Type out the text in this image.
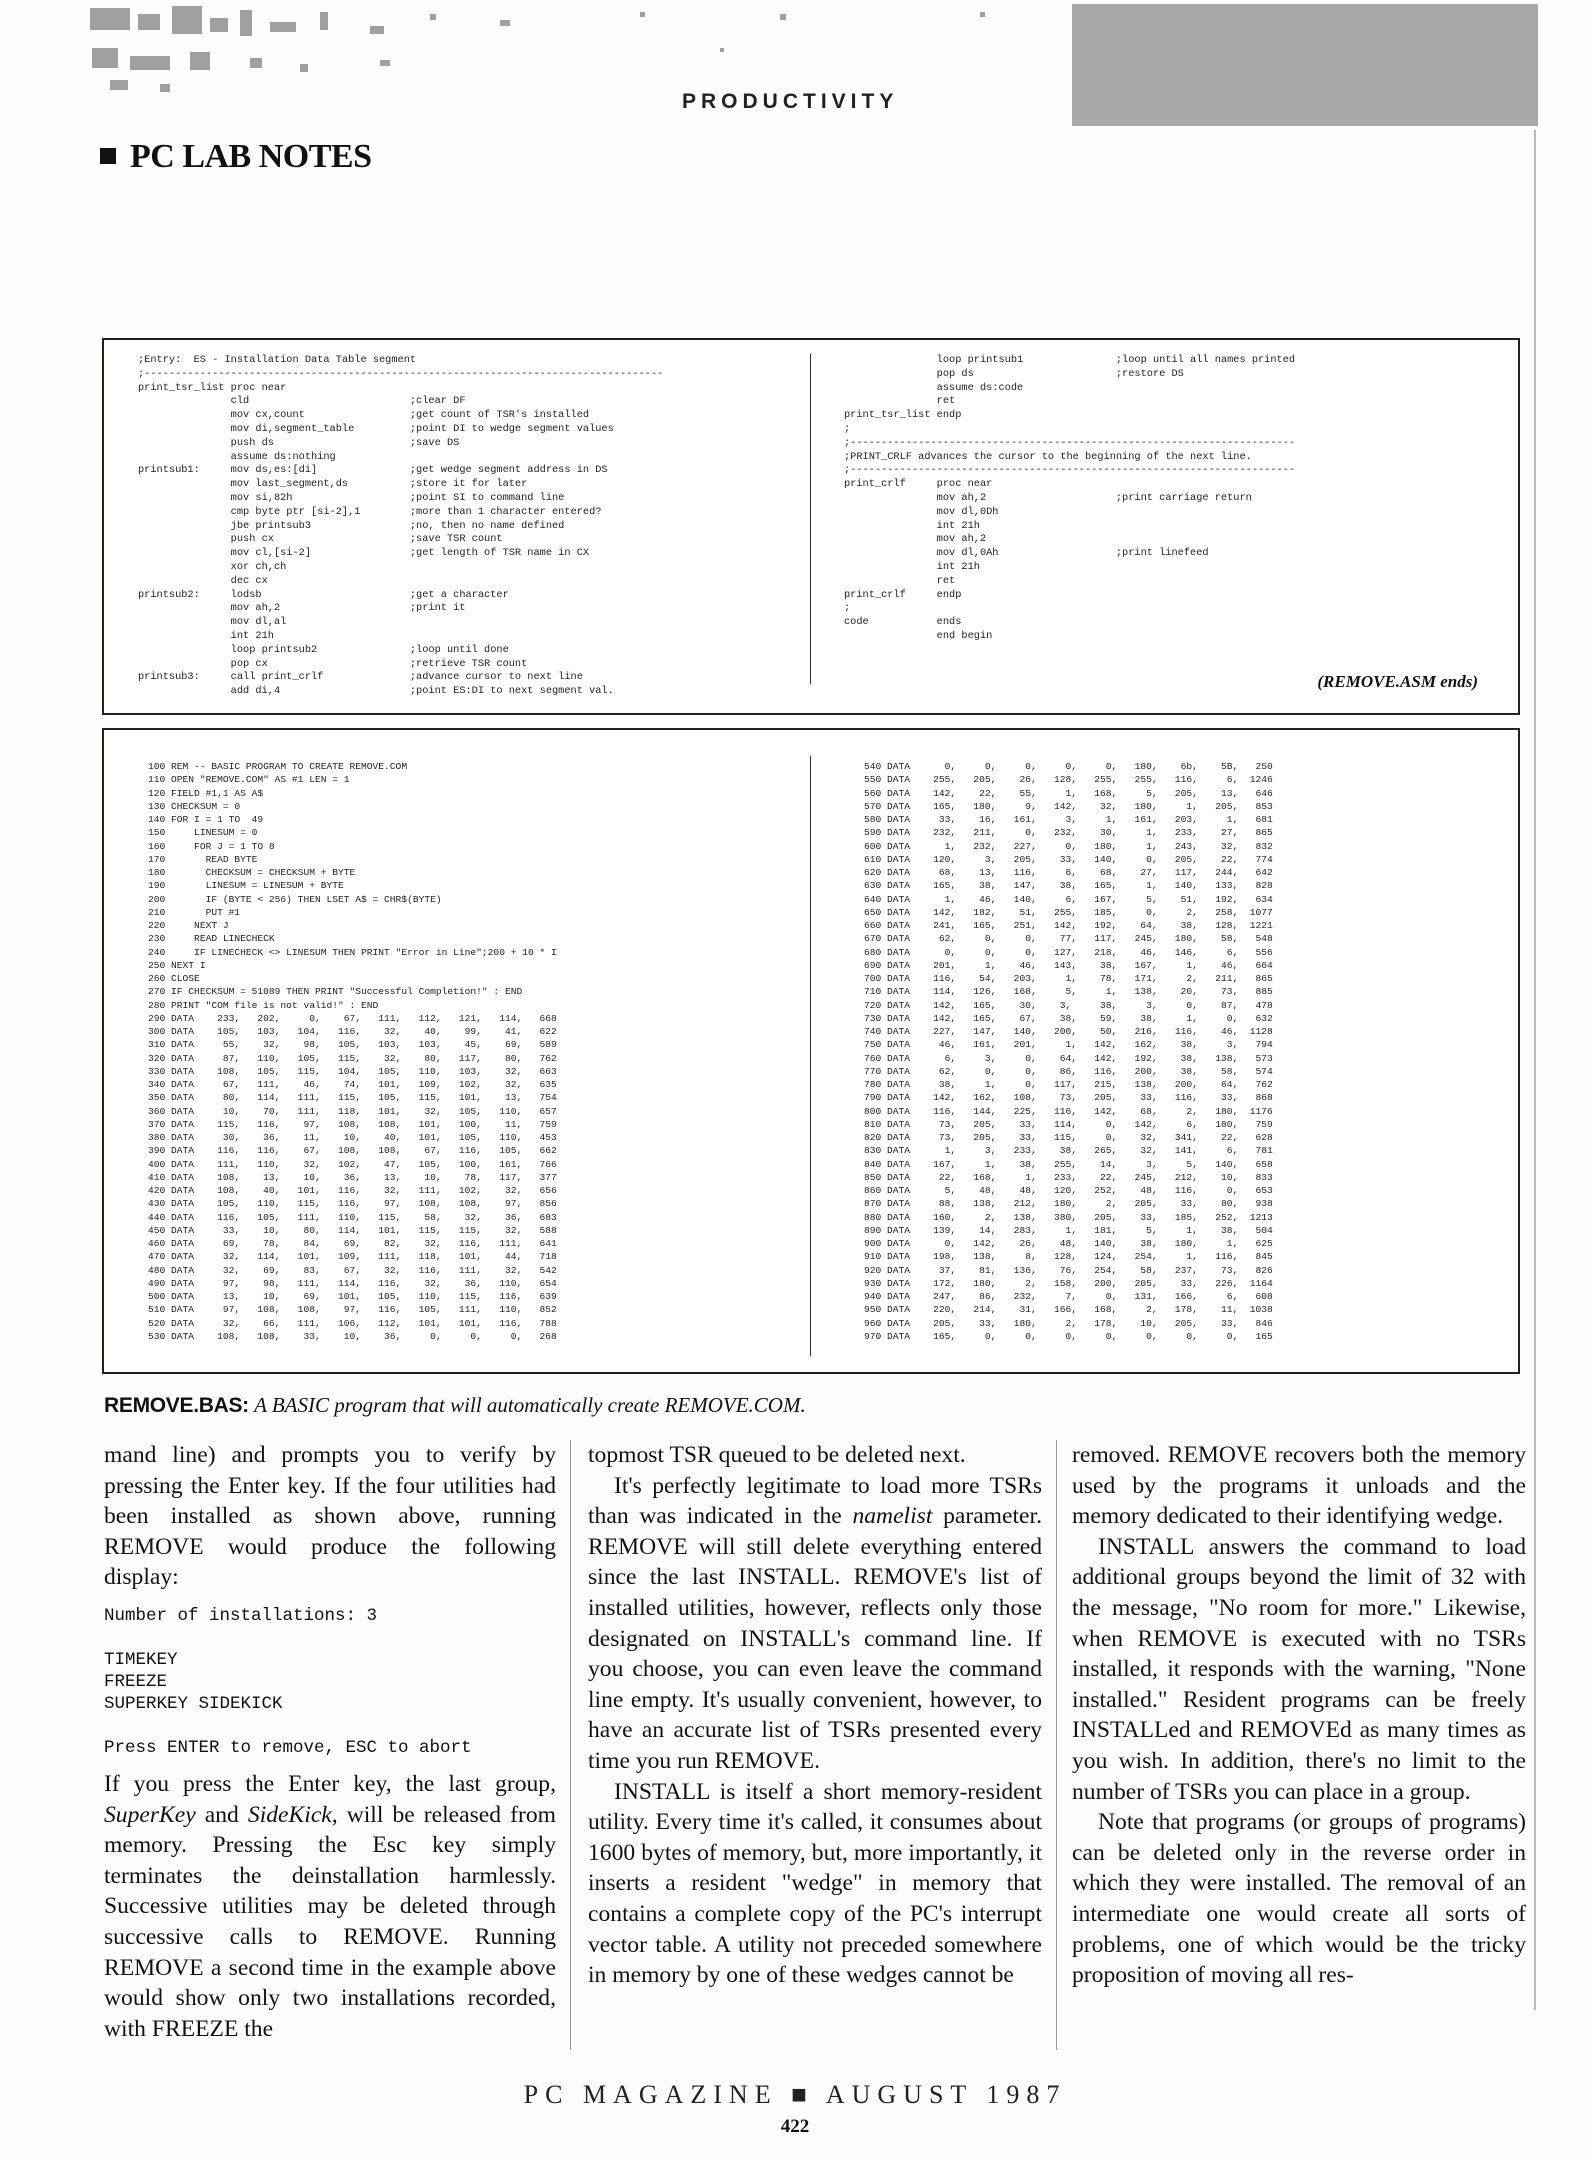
PRODUCTIVITY
PC LAB NOTES
;Entry:  ES - Installation Data Table segment
;------------------------------------------------------------------------------------
print_tsr_list proc near
cld                          ;clear DF
mov cx,count                 ;get count of TSR's installed
mov di,segment_table         ;point DI to wedge segment values
push ds                      ;save DS
assume ds:nothing
printsub1:     mov ds,es:[di]               ;get wedge segment address in DS
mov last_segment,ds          ;store it for later
mov si,82h                   ;point SI to command line
cmp byte ptr [si-2],1        ;more than 1 character entered?
jbe printsub3                ;no, then no name defined
push cx                      ;save TSR count
mov cl,[si-2]                ;get length of TSR name in CX
xor ch,ch
dec cx
printsub2:     lodsb                        ;get a character
mov ah,2                     ;print it
mov dl,al
int 21h
loop printsub2               ;loop until done
pop cx                       ;retrieve TSR count
printsub3:     call print_crlf              ;advance cursor to next line
add di,4                     ;point ES:DI to next segment val.
loop printsub1               ;loop until all names printed
pop ds                       ;restore DS
assume ds:code
ret
print_tsr_list endp
;
;------------------------------------------------------------------------
;PRINT_CRLF advances the cursor to the beginning of the next line.
;------------------------------------------------------------------------
print_crlf     proc near
mov ah,2                     ;print carriage return
mov dl,0Dh
int 21h
mov ah,2
mov dl,0Ah                   ;print linefeed
int 21h
ret
print_crlf     endp
;
code           ends
end begin
(REMOVE.ASM ends)
100 REM -- BASIC PROGRAM TO CREATE REMOVE.COM
110 OPEN "REMOVE.COM" AS #1 LEN = 1
120 FIELD #1,1 AS A$
130 CHECKSUM = 0
140 FOR I = 1 TO  49
150     LINESUM = 0
160     FOR J = 1 TO 8
170       READ BYTE
180       CHECKSUM = CHECKSUM + BYTE
190       LINESUM = LINESUM + BYTE
200       IF (BYTE < 256) THEN LSET A$ = CHR$(BYTE)
210       PUT #1
220     NEXT J
230     READ LINECHECK
240     IF LINECHECK <> LINESUM THEN PRINT "Error in Line";200 + 10 * I
250 NEXT I
260 CLOSE
270 IF CHECKSUM = 51089 THEN PRINT "Successful Completion!" : END
280 PRINT "COM file is not valid!" : END
290 DATA    233,   202,     0,    67,   111,   112,   121,   114,   668
300 DATA    105,   103,   104,   116,    32,    40,    99,    41,   622
310 DATA     55,    32,    98,   105,   103,   103,    45,    69,   589
320 DATA     87,   110,   105,   115,    32,    80,   117,    80,   762
330 DATA    108,   105,   115,   104,   105,   110,   103,    32,   663
340 DATA     67,   111,    46,    74,   101,   109,   102,    32,   635
350 DATA     80,   114,   111,   115,   105,   115,   101,    13,   754
360 DATA     10,    70,   111,   118,   101,    32,   105,   110,   657
370 DATA    115,   116,    97,   108,   108,   101,   100,    11,   759
380 DATA     30,    36,    11,    10,    40,   101,   105,   110,   453
390 DATA    116,   116,    67,   108,   108,    67,   116,   105,   662
400 DATA    111,   110,    32,   102,    47,   105,   100,   161,   766
410 DATA    108,    13,    10,    36,    13,    10,    78,   117,   377
420 DATA    108,    40,   101,   116,    32,   111,   102,    32,   656
430 DATA    105,   110,   115,   116,    97,   108,   108,    97,   856
440 DATA    116,   105,   111,   110,   115,    58,    32,    36,   683
450 DATA     33,    10,    80,   114,   101,   115,   115,    32,   588
460 DATA     69,    78,    84,    69,    82,    32,   116,   111,   641
470 DATA     32,   114,   101,   109,   111,   118,   101,    44,   718
480 DATA     32,    69,    83,    67,    32,   116,   111,    32,   542
490 DATA     97,    98,   111,   114,   116,    32,    36,   110,   654
500 DATA     13,    10,    69,   101,   105,   110,   115,   116,   639
510 DATA     97,   108,   108,    97,   116,   105,   111,   110,   852
520 DATA     32,    66,   111,   106,   112,   101,   101,   116,   788
530 DATA    108,   108,    33,    10,    36,     0,     0,     0,   268
540 DATA      0,     0,     0,     0,     0,   180,    6b,    5B,   250
550 DATA    255,   205,    26,   128,   255,   255,   116,     6,  1246
560 DATA    142,    22,    55,     1,   168,     5,   205,    13,   646
570 DATA    165,   180,     9,   142,    32,   180,     1,   205,   853
580 DATA     33,    16,   161,     3,     1,   161,   203,     1,   681
590 DATA    232,   211,     0,   232,    30,     1,   233,    27,   865
600 DATA      1,   232,   227,     0,   180,     1,   243,    32,   832
610 DATA    120,     3,   205,    33,   140,     0,   205,    22,   774
620 DATA     68,    13,   116,     6,    68,    27,   117,   244,   642
630 DATA    165,    38,   147,    38,   165,     1,   140,   133,   828
640 DATA      1,    46,   140,     6,   167,     5,    51,   192,   634
650 DATA    142,   182,    51,   255,   185,     0,     2,   258,  1077
660 DATA    241,   165,   251,   142,   192,    64,    38,   128,  1221
670 DATA     62,     0,     0,    77,   117,   245,   180,    58,   548
680 DATA      0,     0,     0,   127,   218,    46,   146,     6,   556
690 DATA    201,     1,    46,   143,    38,   167,     1,    46,   664
700 DATA    116,    54,   203,     1,    78,   171,     2,   211,   865
710 DATA    114,   126,   168,     5,     1,   138,    20,    73,   885
720 DATA    142,   165,    30,    3,     38,     3,     0,    87,   478
730 DATA    142,   165,    67,    38,    59,    38,     1,     0,   632
740 DATA    227,   147,   140,   200,    50,   216,   116,    46,  1128
750 DATA     46,   161,   201,     1,   142,   162,    38,     3,   794
760 DATA      6,     3,     0,    64,   142,   192,    38,   138,   573
770 DATA     62,     0,     0,    86,   116,   200,    38,    58,   574
780 DATA     38,     1,     0,   117,   215,   138,   200,    64,   762
790 DATA    142,   162,   108,    73,   205,    33,   116,    33,   868
800 DATA    116,   144,   225,   116,   142,    68,     2,   180,  1176
810 DATA     73,   205,    33,   114,     0,   142,     6,   180,   759
820 DATA     73,   205,    33,   115,     0,    32,   341,    22,   628
830 DATA      1,     3,   233,    38,   265,    32,   141,     6,   781
840 DATA    167,     1,    38,   255,    14,     3,     5,   140,   658
850 DATA     22,   168,     1,   233,    22,   245,   212,    10,   833
860 DATA      5,    48,    48,   120,   252,    48,   116,     0,   653
870 DATA     88,   138,   212,   180,     2,   205,    33,    80,   938
880 DATA    160,     2,   138,   380,   205,    33,   185,   252,  1213
890 DATA    139,    14,   283,     1,   181,     5,     1,    38,   504
900 DATA      0,   142,    26,    48,   140,    38,   180,     1,   625
910 DATA    198,   138,     8,   128,   124,   254,     1,   116,   845
920 DATA     37,    81,   136,    76,   254,    58,   237,    73,   826
930 DATA    172,   180,     2,   158,   200,   205,    33,   226,  1164
940 DATA    247,    86,   232,     7,     0,   131,   166,     6,   608
950 DATA    220,   214,    31,   166,   168,     2,   178,    11,  1038
960 DATA    205,    33,   180,     2,   178,    10,   205,    33,   846
970 DATA    165,     0,     0,     0,     0,     0,     0,     0,   165
REMOVE.BAS: A BASIC program that will automatically create REMOVE.COM.

mand line) and prompts you to verify by pressing the Enter key. If the four utilities had been installed as shown above, running REMOVE would produce the following display:

Number of installations: 3

TIMEKEY
FREEZE
SUPERKEY SIDEKICK

Press ENTER to remove, ESC to abort

If you press the Enter key, the last group, SuperKey and SideKick, will be released from memory. Pressing the Esc key simply terminates the deinstallation harmlessly. Successive utilities may be deleted through successive calls to REMOVE. Running REMOVE a second time in the example above would show only two installations recorded, with FREEZE the

topmost TSR queued to be deleted next.

It's perfectly legitimate to load more TSRs than was indicated in the namelist parameter. REMOVE will still delete everything entered since the last INSTALL. REMOVE's list of installed utilities, however, reflects only those designated on INSTALL's command line. If you choose, you can even leave the command line empty. It's usually convenient, however, to have an accurate list of TSRs presented every time you run REMOVE.

INSTALL is itself a short memory-resident utility. Every time it's called, it consumes about 1600 bytes of memory, but, more importantly, it inserts a resident "wedge" in memory that contains a complete copy of the PC's interrupt vector table. A utility not preceded somewhere in memory by one of these wedges cannot be

removed. REMOVE recovers both the memory used by the programs it unloads and the memory dedicated to their identifying wedge.

INSTALL answers the command to load additional groups beyond the limit of 32 with the message, "No room for more." Likewise, when REMOVE is executed with no TSRs installed, it responds with the warning, "None installed." Resident programs can be freely INSTALLed and REMOVEd as many times as you wish. In addition, there's no limit to the number of TSRs you can place in a group.

Note that programs (or groups of programs) can be deleted only in the reverse order in which they were installed. The removal of an intermediate one would create all sorts of problems, one of which would be the tricky proposition of moving all res-

PC MAGAZINE ■ AUGUST 1987
422
